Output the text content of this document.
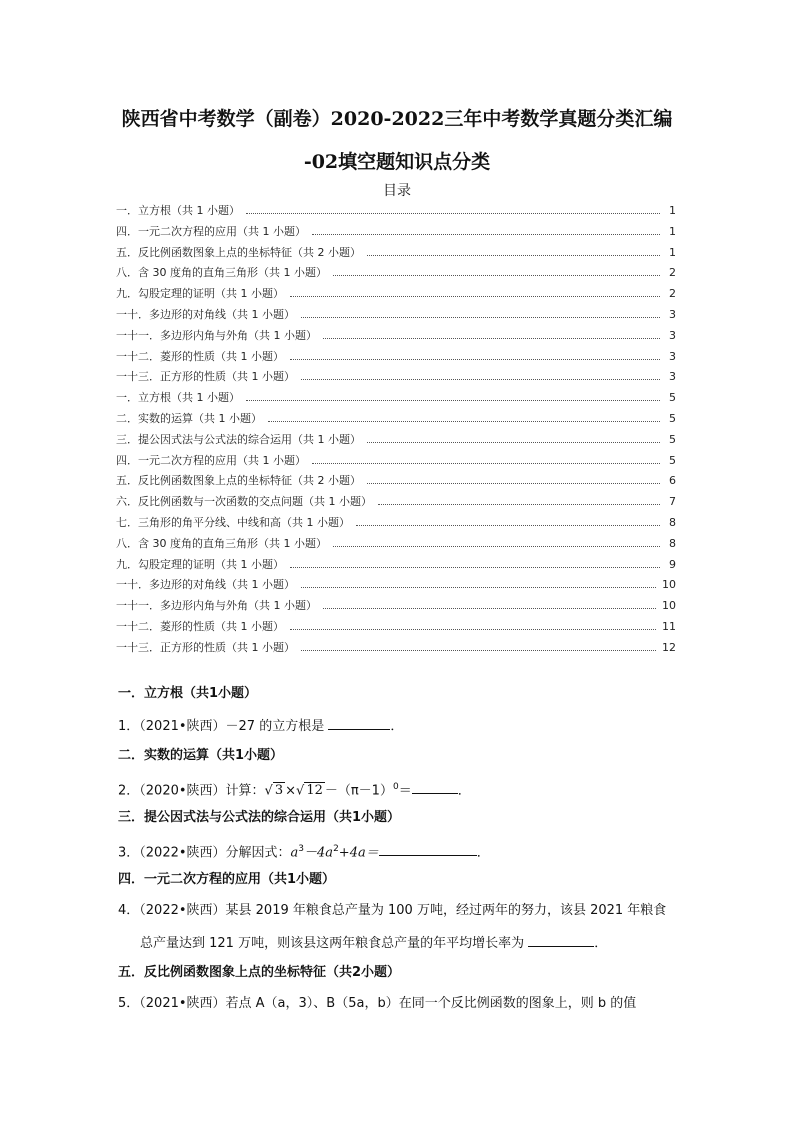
陕西省中考数学（副卷）2020-2022三年中考数学真题分类汇编
-02填空题知识点分类
目录
一．立方根（共 1 小题）	1
四．一元二次方程的应用（共 1 小题）	1
五．反比例函数图象上点的坐标特征（共 2 小题）	1
八．含 30 度角的直角三角形（共 1 小题）	2
九．勾股定理的证明（共 1 小题）	2
一十．多边形的对角线（共 1 小题）	3
一十一．多边形内角与外角（共 1 小题）	3
一十二．菱形的性质（共 1 小题）	3
一十三．正方形的性质（共 1 小题）	3
一．立方根（共 1 小题）	5
二．实数的运算（共 1 小题）	5
三．提公因式法与公式法的综合运用（共 1 小题）	5
四．一元二次方程的应用（共 1 小题）	5
五．反比例函数图象上点的坐标特征（共 2 小题）	6
六．反比例函数与一次函数的交点问题（共 1 小题）	7
七．三角形的角平分线、中线和高（共 1 小题）	8
八．含 30 度角的直角三角形（共 1 小题）	8
九．勾股定理的证明（共 1 小题）	9
一十．多边形的对角线（共 1 小题）	10
一十一．多边形内角与外角（共 1 小题）	10
一十二．菱形的性质（共 1 小题）	11
一十三．正方形的性质（共 1 小题）	12
一．立方根（共1小题）
1．（2021•陕西）－27 的立方根是	．
二．实数的运算（共1小题）
2．（2020•陕西）计算：√ 3 ×√ $12 -(\pi-1)^0=$	．
三．提公因式法与公式法的综合运用（共1小题）
3．（2022•陕西）分解因式：$a^3-4a^2+4a=$	．
四．一元二次方程的应用（共1小题）
4．（2022•陕西）某县 2019 年粮食总产量为 100 万吨，经过两年的努力，该县 2021 年粮食
总产量达到 121 万吨，则该县这两年粮食总产量的年平均增长率为	．
五．反比例函数图象上点的坐标特征（共2小题）
5．（2021•陕西）若点 A（a，3）、B（5a，b）在同一个反比例函数的图象上，则 b 的值
